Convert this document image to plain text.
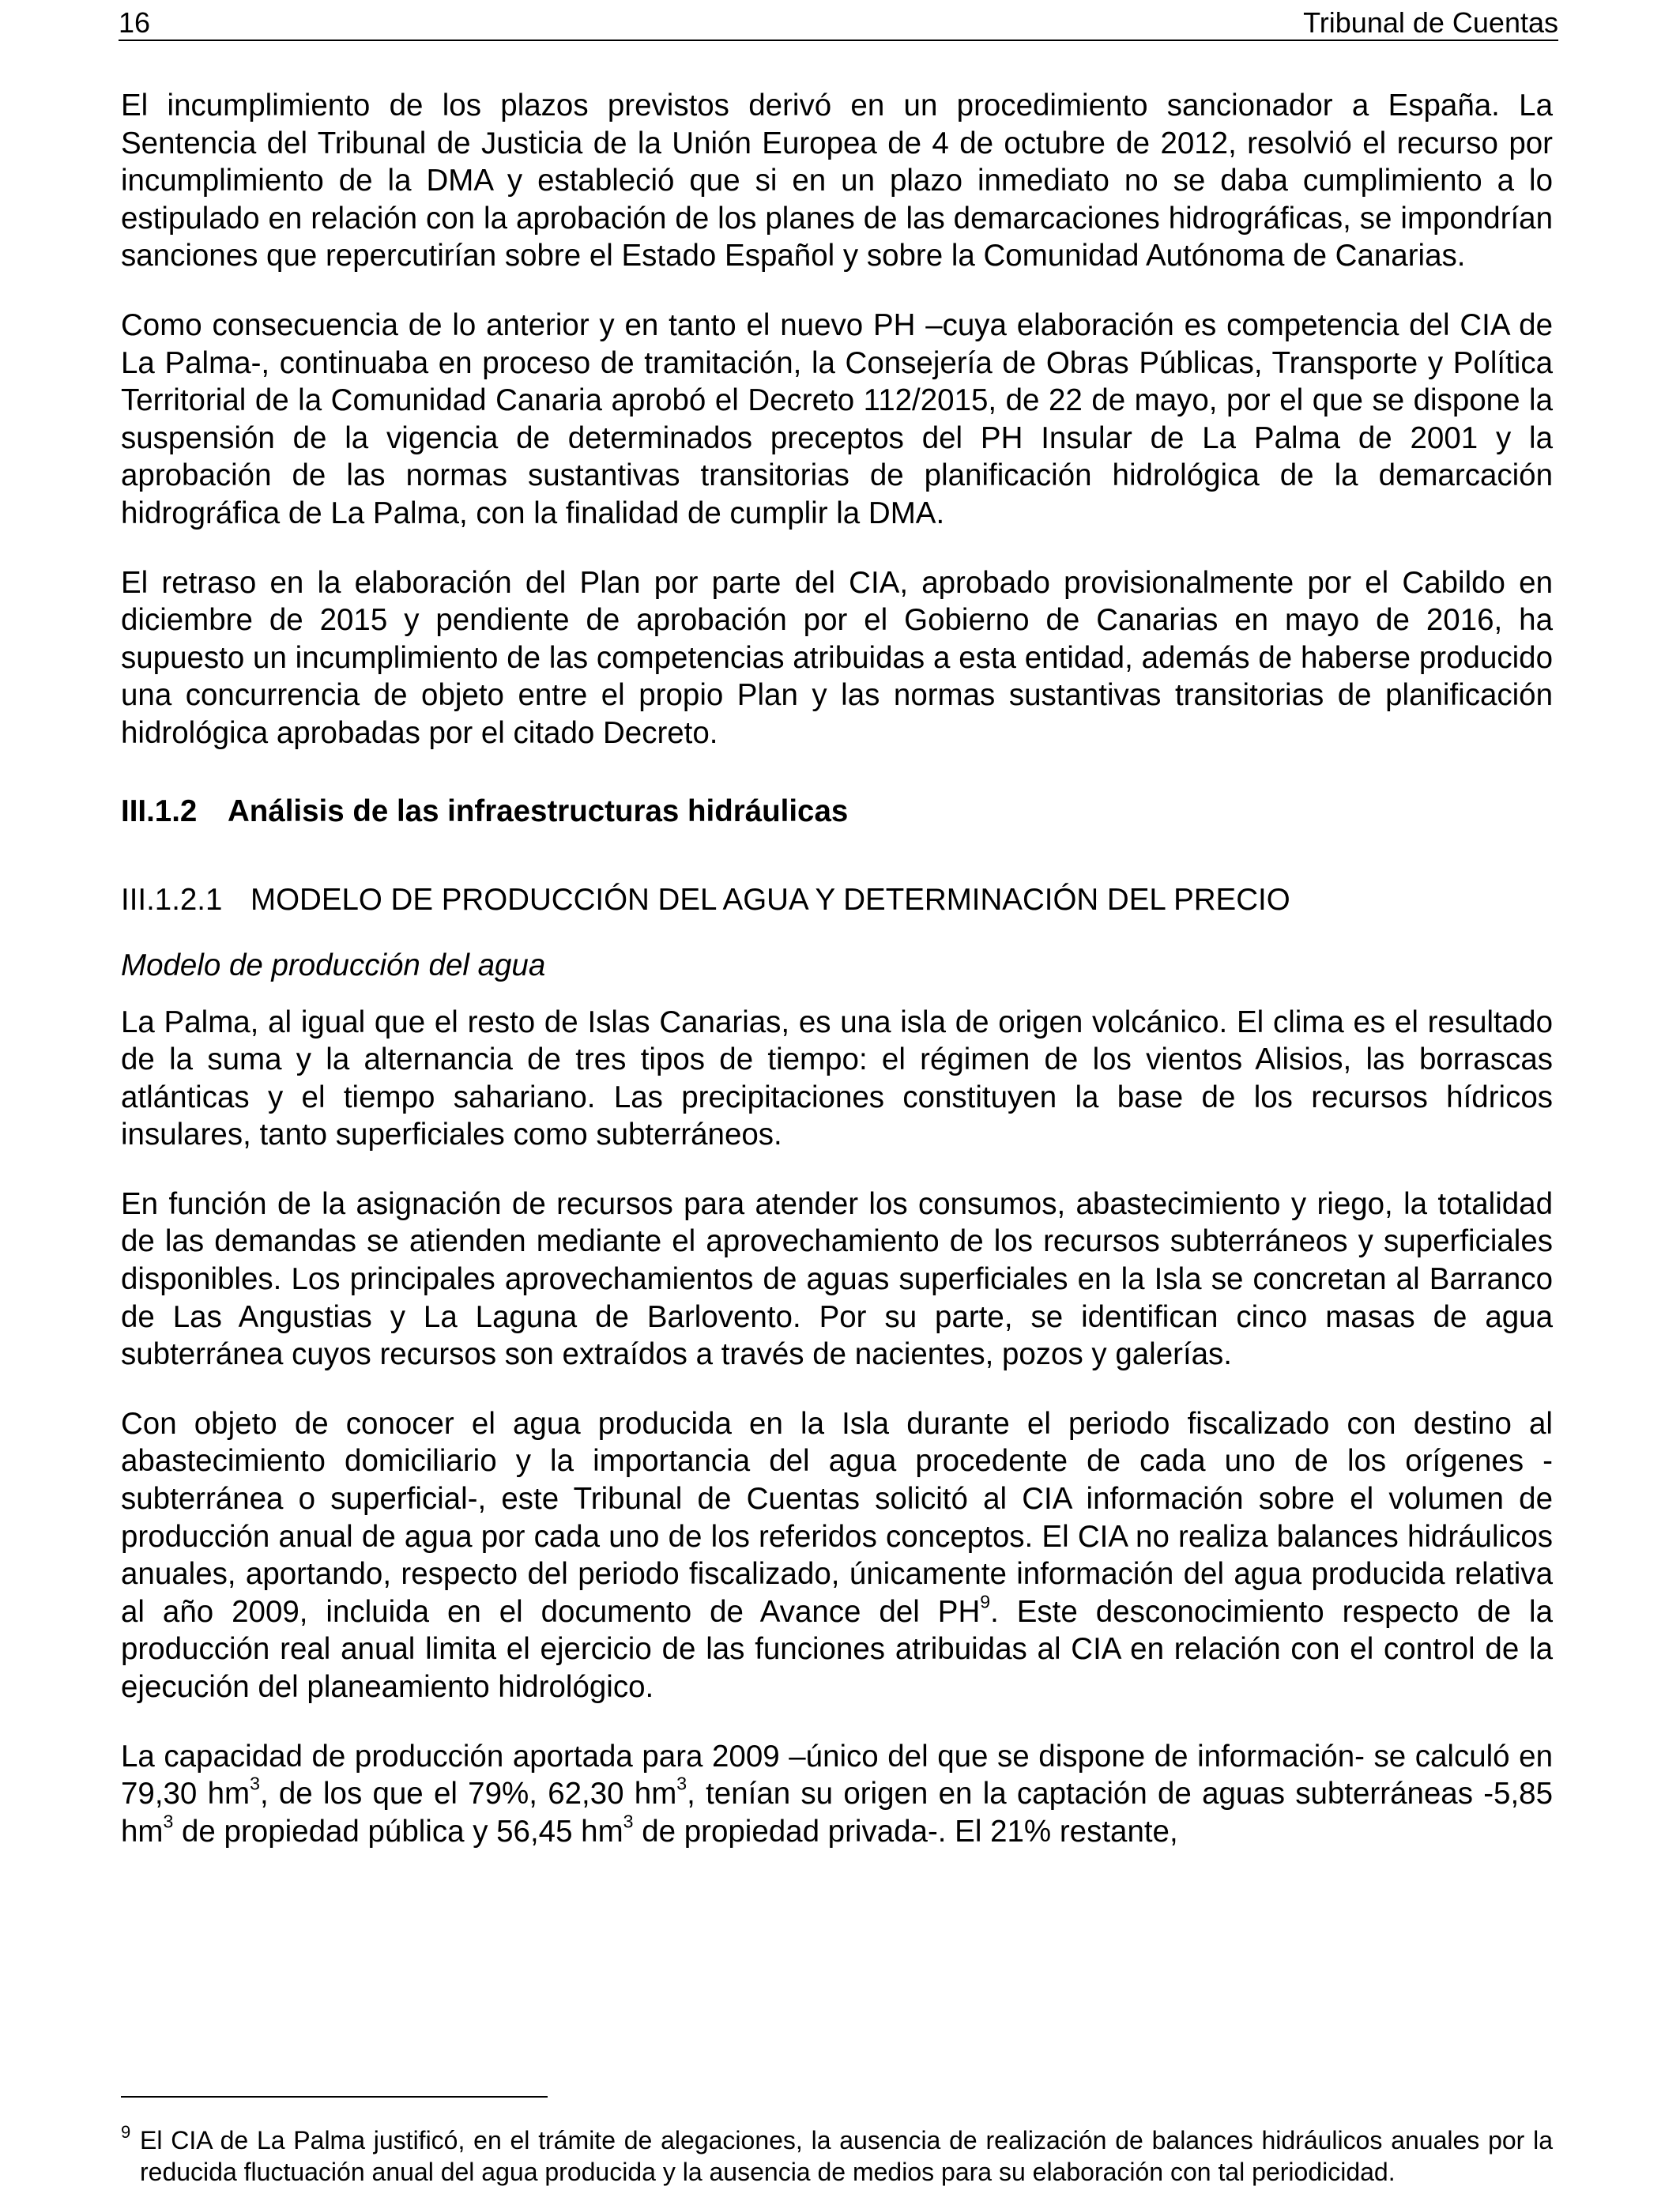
16	Tribunal de Cuentas

El incumplimiento de los plazos previstos derivó en un procedimiento sancionador a España. La Sentencia del Tribunal de Justicia de la Unión Europea de 4 de octubre de 2012, resolvió el recurso por incumplimiento de la DMA y estableció que si en un plazo inmediato no se daba cumplimiento a lo estipulado en relación con la aprobación de los planes de las demarcaciones hidrográficas, se impondrían sanciones que repercutirían sobre el Estado Español y sobre la Comunidad Autónoma de Canarias.

Como consecuencia de lo anterior y en tanto el nuevo PH –cuya elaboración es competencia del CIA de La Palma-, continuaba en proceso de tramitación, la Consejería de Obras Públicas, Transporte y Política Territorial de la Comunidad Canaria aprobó el Decreto 112/2015, de 22 de mayo, por el que se dispone la suspensión de la vigencia de determinados preceptos del PH Insular de La Palma de 2001 y la aprobación de las normas sustantivas transitorias de planificación hidrológica de la demarcación hidrográfica de La Palma, con la finalidad de cumplir la DMA.

El retraso en la elaboración del Plan por parte del CIA, aprobado provisionalmente por el Cabildo en diciembre de 2015 y pendiente de aprobación por el Gobierno de Canarias en mayo de 2016, ha supuesto un incumplimiento de las competencias atribuidas a esta entidad, además de haberse producido una concurrencia de objeto entre el propio Plan y las normas sustantivas transitorias de planificación hidrológica aprobadas por el citado Decreto.

III.1.2 Análisis de las infraestructuras hidráulicas
III.1.2.1 MODELO DE PRODUCCIÓN DEL AGUA Y DETERMINACIÓN DEL PRECIO

Modelo de producción del agua

La Palma, al igual que el resto de Islas Canarias, es una isla de origen volcánico. El clima es el resultado de la suma y la alternancia de tres tipos de tiempo: el régimen de los vientos Alisios, las borrascas atlánticas y el tiempo sahariano. Las precipitaciones constituyen la base de los recursos hídricos insulares, tanto superficiales como subterráneos.

En función de la asignación de recursos para atender los consumos, abastecimiento y riego, la totalidad de las demandas se atienden mediante el aprovechamiento de los recursos subterráneos y superficiales disponibles. Los principales aprovechamientos de aguas superficiales en la Isla se concretan al Barranco de Las Angustias y La Laguna de Barlovento. Por su parte, se identifican cinco masas de agua subterránea cuyos recursos son extraídos a través de nacientes, pozos y galerías.

Con objeto de conocer el agua producida en la Isla durante el periodo fiscalizado con destino al abastecimiento domiciliario y la importancia del agua procedente de cada uno de los orígenes -subterránea o superficial-, este Tribunal de Cuentas solicitó al CIA información sobre el volumen de producción anual de agua por cada uno de los referidos conceptos. El CIA no realiza balances hidráulicos anuales, aportando, respecto del periodo fiscalizado, únicamente información del agua producida relativa al año 2009, incluida en el documento de Avance del $PH^9$. Este desconocimiento respecto de la producción real anual limita el ejercicio de las funciones atribuidas al CIA en relación con el control de la ejecución del planeamiento hidrológico.

La capacidad de producción aportada para 2009 –único del que se dispone de información- se calculó en 79,30 $hm^3$, de los que el 79%, 62,30 $hm^3$, tenían su origen en la captación de aguas subterráneas -5,85 $hm^3$ de propiedad pública y 56,45 $hm^3$ de propiedad privada-. El 21% restante,

9 El CIA de La Palma justificó, en el trámite de alegaciones, la ausencia de realización de balances hidráulicos anuales por la reducida fluctuación anual del agua producida y la ausencia de medios para su elaboración con tal periodicidad.
